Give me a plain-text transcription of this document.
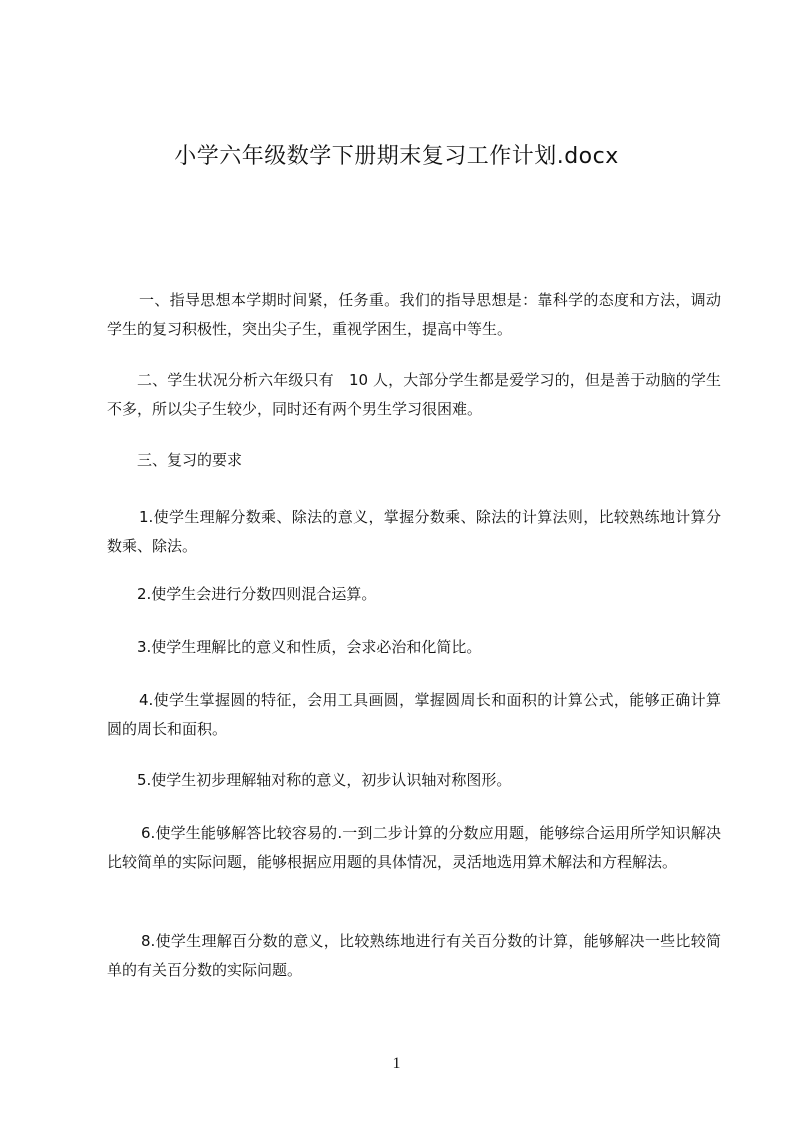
小学六年级数学下册期末复习工作计划.docx

一、指导思想本学期时间紧，任务重。我们的指导思想是：靠科学的态度和方法，调动学生的复习积极性，突出尖子生，重视学困生，提高中等生。

二、学生状况分析六年级只有　10 人，大部分学生都是爱学习的，但是善于动脑的学生不多，所以尖子生较少，同时还有两个男生学习很困难。

三、复习的要求

1.使学生理解分数乘、除法的意义，掌握分数乘、除法的计算法则，比较熟练地计算分数乘、除法。

2.使学生会进行分数四则混合运算。

3.使学生理解比的意义和性质，会求必治和化简比。

4.使学生掌握圆的特征，会用工具画圆，掌握圆周长和面积的计算公式，能够正确计算圆的周长和面积。

5.使学生初步理解轴对称的意义，初步认识轴对称图形。

6.使学生能够解答比较容易的.一到二步计算的分数应用题，能够综合运用所学知识解决比较简单的实际问题，能够根据应用题的具体情况，灵活地选用算术解法和方程解法。

8.使学生理解百分数的意义，比较熟练地进行有关百分数的计算，能够解决一些比较简单的有关百分数的实际问题。

1
